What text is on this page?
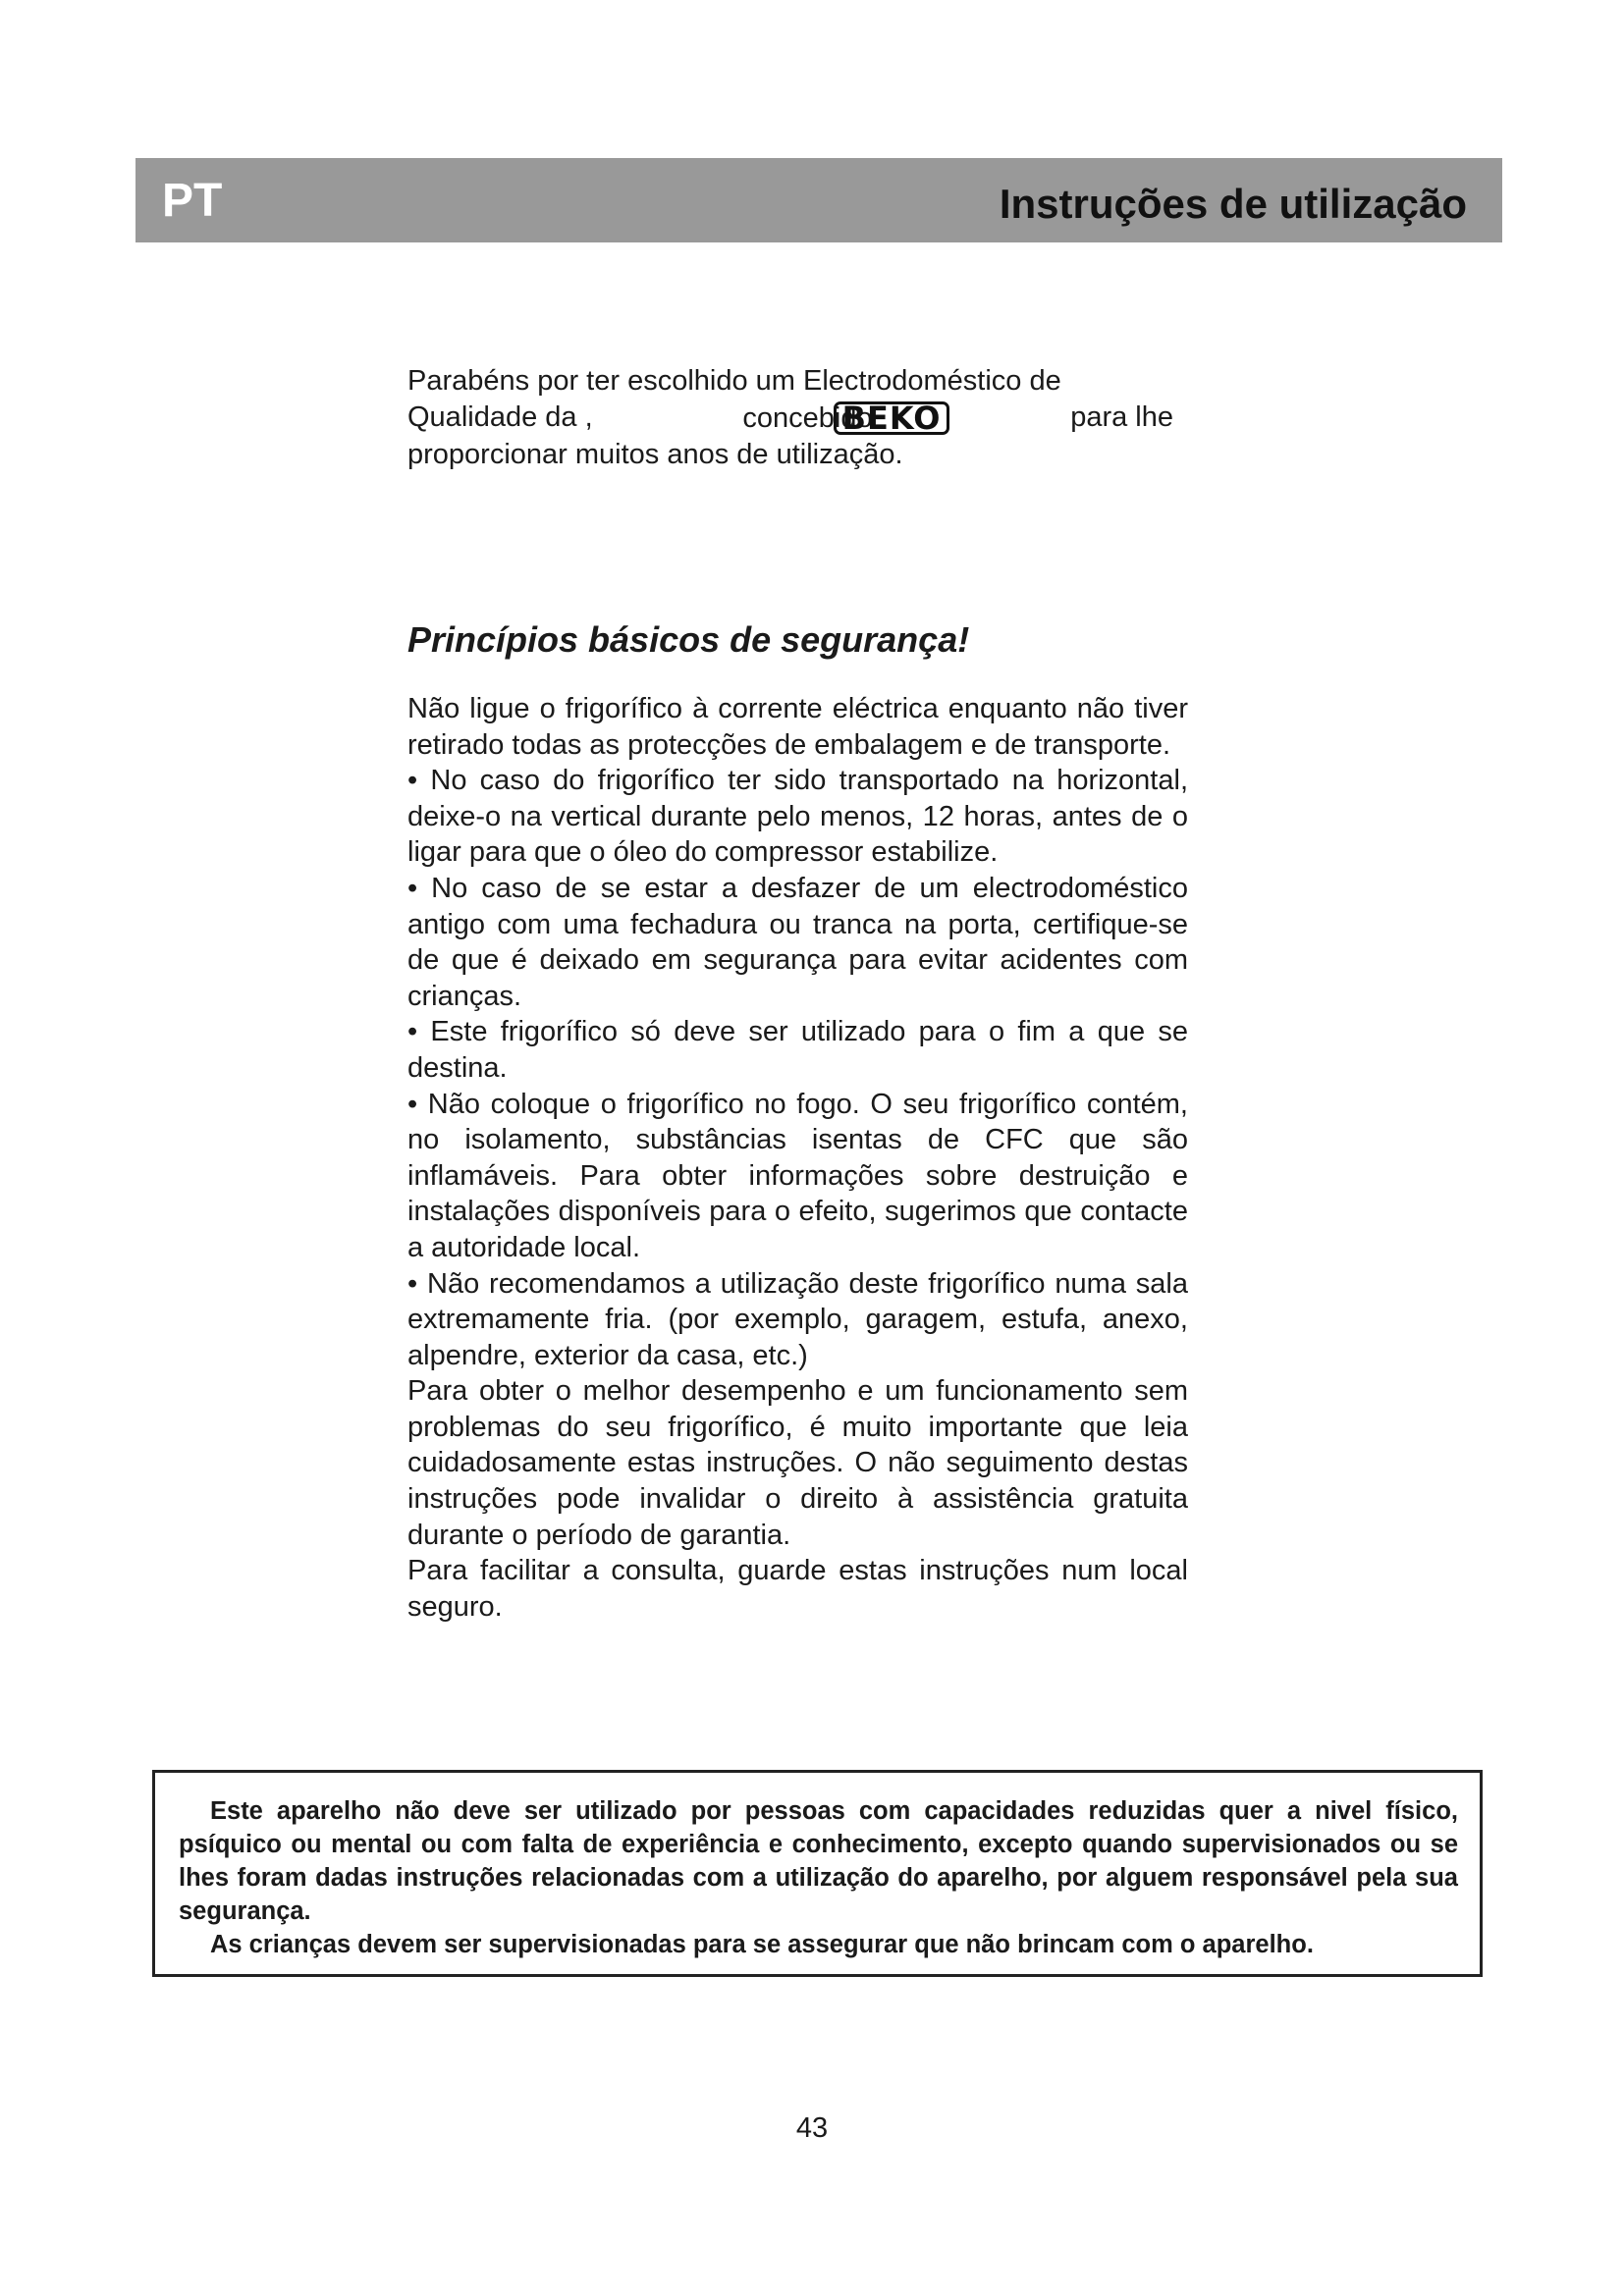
PT	Instruções de utilização
Parabéns por ter escolhido um Electrodoméstico de
Qualidade da ,	concebidoBEKO	para lhe
proporcionar muitos anos de utilização.
Princípios básicos de segurança!

Não ligue o frigorífico à corrente eléctrica enquanto não tiver retirado todas as protecções de embalagem e de transporte.

• No caso do frigorífico ter sido transportado na horizontal, deixe-o na vertical durante pelo menos, 12 horas, antes de o ligar para que o óleo do compressor estabilize.

• No caso de se estar a desfazer de um electrodoméstico antigo com uma fechadura ou tranca na porta, certifique-se de que é deixado em segurança para evitar acidentes com crianças.

• Este frigorífico só deve ser utilizado para o fim a que se destina.

• Não coloque o frigorífico no fogo. O seu frigorífico contém, no isolamento, substâncias isentas de CFC que são inflamáveis. Para obter informações sobre destruição e instalações disponíveis para o efeito, sugerimos que contacte a autoridade local.

• Não recomendamos a utilização deste frigorífico numa sala extremamente fria. (por exemplo, garagem, estufa, anexo, alpendre, exterior da casa, etc.)

Para obter o melhor desempenho e um funcionamento sem problemas do seu frigorífico, é muito importante que leia cuidadosamente estas instruções. O não seguimento destas instruções pode invalidar o direito à assistência gratuita durante o período de garantia.

Para facilitar a consulta, guarde estas instruções num local seguro.

Este aparelho não deve ser utilizado por pessoas com capacidades reduzidas quer a nivel físico, psíquico ou mental ou com falta de experiência e conhecimento, excepto quando supervisionados ou se lhes foram dadas instruções relacionadas com a utilização do aparelho, por alguem responsável pela sua segurança.

As crianças devem ser supervisionadas para se assegurar que não brincam com o aparelho.

43
